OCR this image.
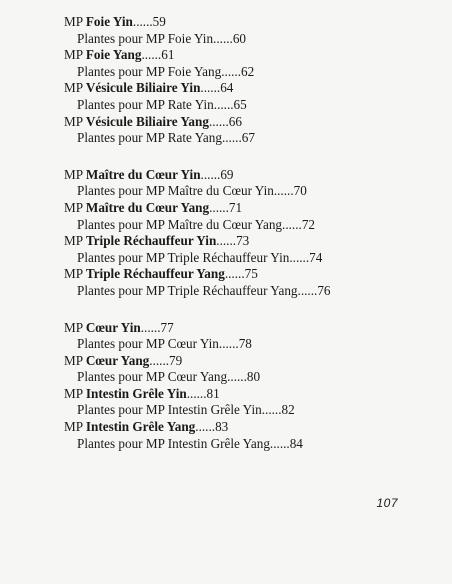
MP Foie Yin......59
Plantes pour MP Foie Yin......60
MP Foie Yang......61
Plantes pour MP Foie Yang......62
MP Vésicule Biliaire Yin......64
Plantes pour MP Rate Yin......65
MP Vésicule Biliaire Yang......66
Plantes pour MP Rate Yang......67
MP Maître du Cœur Yin......69
Plantes pour MP Maître du Cœur Yin......70
MP Maître du Cœur Yang......71
Plantes pour MP Maître du Cœur Yang......72
MP Triple Réchauffeur Yin......73
Plantes pour MP Triple Réchauffeur Yin......74
MP Triple Réchauffeur Yang......75
Plantes pour MP Triple Réchauffeur Yang......76
MP Cœur Yin......77
Plantes pour MP Cœur Yin......78
MP Cœur Yang......79
Plantes pour MP Cœur Yang......80
MP Intestin Grêle Yin......81
Plantes pour MP Intestin Grêle Yin......82
MP Intestin Grêle Yang......83
Plantes pour MP Intestin Grêle Yang......84
107
